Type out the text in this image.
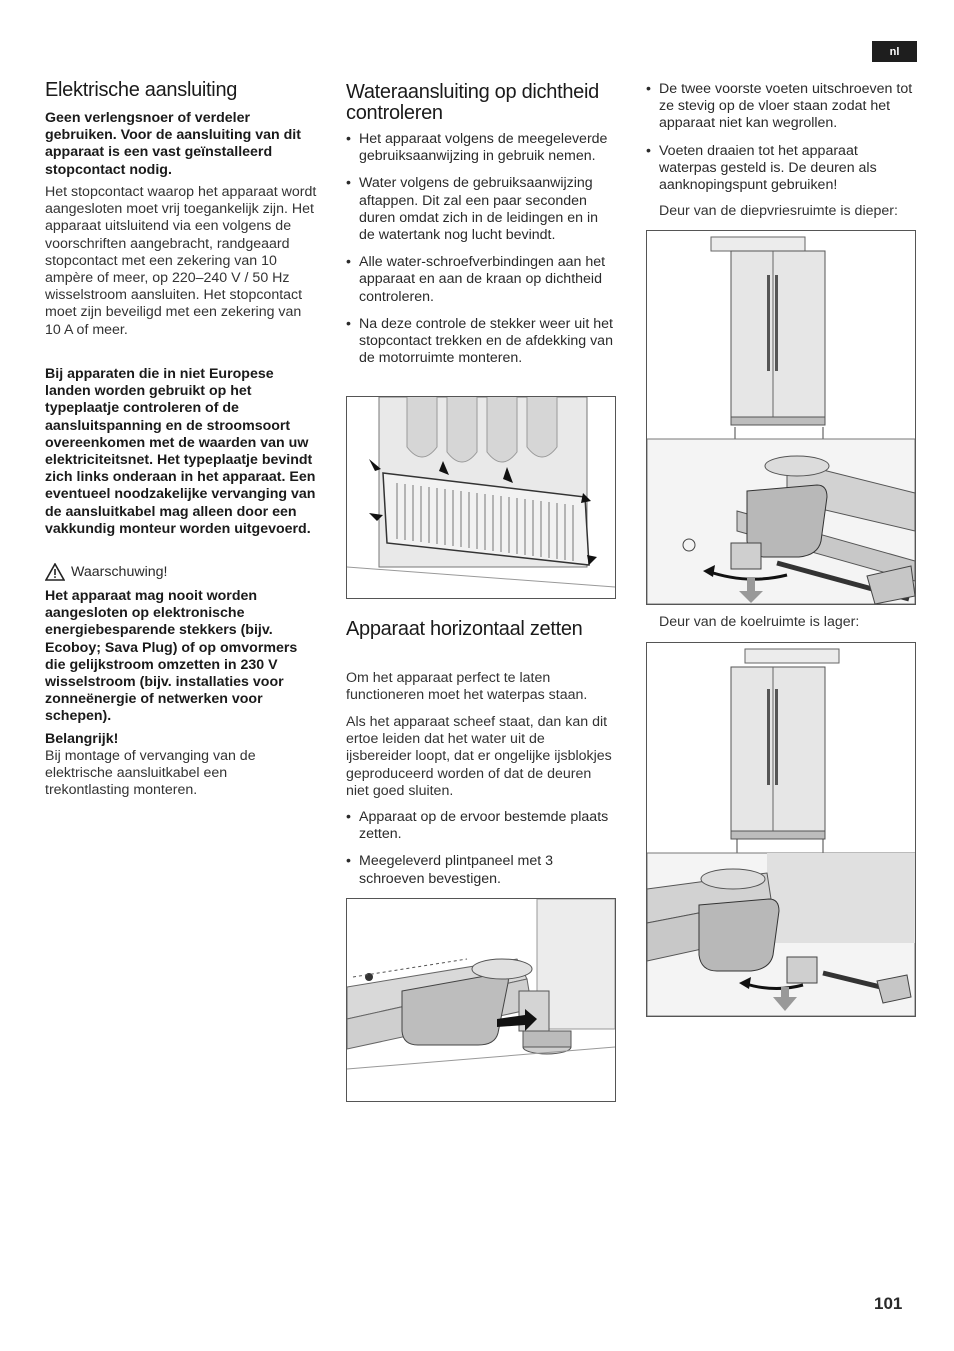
nl
Elektrische aansluiting

Geen verlengsnoer of verdeler gebruiken. Voor de aansluiting van dit apparaat is een vast geïnstalleerd stopcontact nodig.

Het stopcontact waarop het apparaat wordt aangesloten moet vrij toegankelijk zijn. Het apparaat uitsluitend via een volgens de voorschriften aangebracht, randgeaard stopcontact met een zekering van 10 ampère of meer, op 220–240 V / 50 Hz wisselstroom aansluiten. Het stopcontact moet zijn beveiligd met een zekering van 10 A of meer.

Bij apparaten die in niet Europese landen worden gebruikt op het typeplaatje controleren of de aansluitspanning en de stroomsoort overeenkomen met de waarden van uw elektriciteitsnet. Het typeplaatje bevindt zich links onderaan in het apparaat. Een eventueel noodzakelijke vervanging van de aansluitkabel mag alleen door een vakkundig monteur worden uitgevoerd.

Waarschuwing!

Het apparaat mag nooit worden aangesloten op elektronische energiebesparende stekkers (bijv. Ecoboy; Sava Plug) of op omvormers die gelijkstroom omzetten in 230 V wisselstroom (bijv. installaties voor zonneënergie of netwerken voor schepen).

Belangrijk!

Bij montage of vervanging van de elektrische aansluitkabel een trekontlasting monteren.

Wateraansluiting op dichtheid controleren
• Het apparaat volgens de meegeleverde gebruiksaanwijzing in gebruik nemen.
• Water volgens de gebruiksaanwijzing aftappen. Dit zal een paar seconden duren omdat zich in de leidingen en in de watertank nog lucht bevindt.
• Alle water-schroefverbindingen aan het apparaat en aan de kraan op dichtheid controleren.
• Na deze controle de stekker weer uit het stopcontact trekken en de afdekking van de motorruimte monteren.
Apparaat horizontaal zetten

Om het apparaat perfect te laten functioneren moet het waterpas staan.

Als het apparaat scheef staat, dan kan dit ertoe leiden dat het water uit de ijsbereider loopt, dat er ongelijke ijsblokjes geproduceerd worden of dat de deuren niet goed sluiten.

• Apparaat op de ervoor bestemde plaats zetten.
• Meegeleverd plintpaneel met 3 schroeven bevestigen.
• De twee voorste voeten uitschroeven tot ze stevig op de vloer staan zodat het apparaat niet kan wegrollen.
• Voeten draaien tot het apparaat waterpas gesteld is. De deuren als aanknopingspunt gebruiken!

Deur van de diepvriesruimte is dieper:

Deur van de koelruimte is lager:

101
